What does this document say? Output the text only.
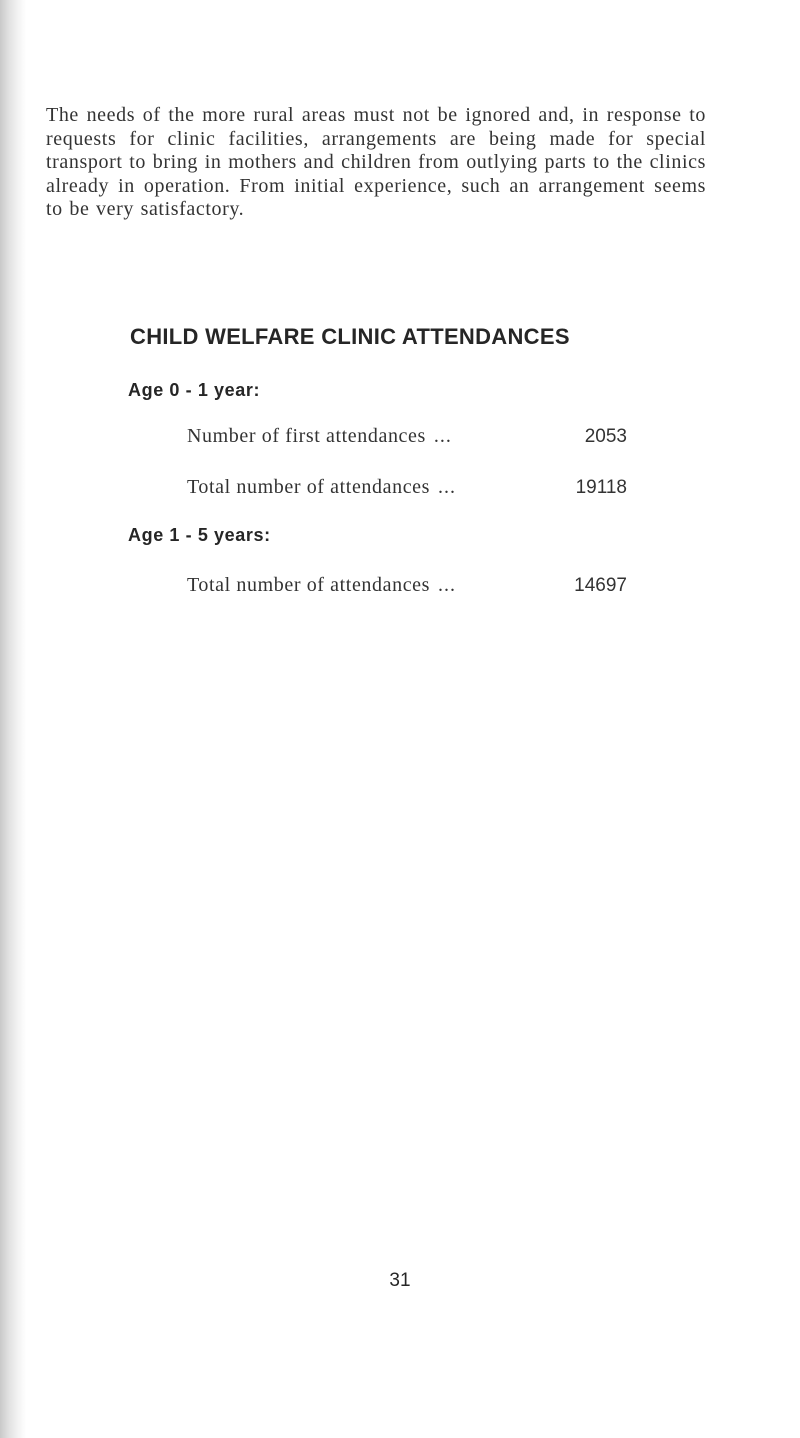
The needs of the more rural areas must not be ignored and, in response to requests for clinic facilities, arrangements are being made for special transport to bring in mothers and children from outlying parts to the clinics already in operation. From initial experience, such an arrangement seems to be very satisfactory.

CHILD WELFARE CLINIC ATTENDANCES
Age 0 - 1 year:
Number of first attendances ...	2053
Total number of attendances ...	19118
Age 1 - 5 years:
Total number of attendances ...	14697
31
